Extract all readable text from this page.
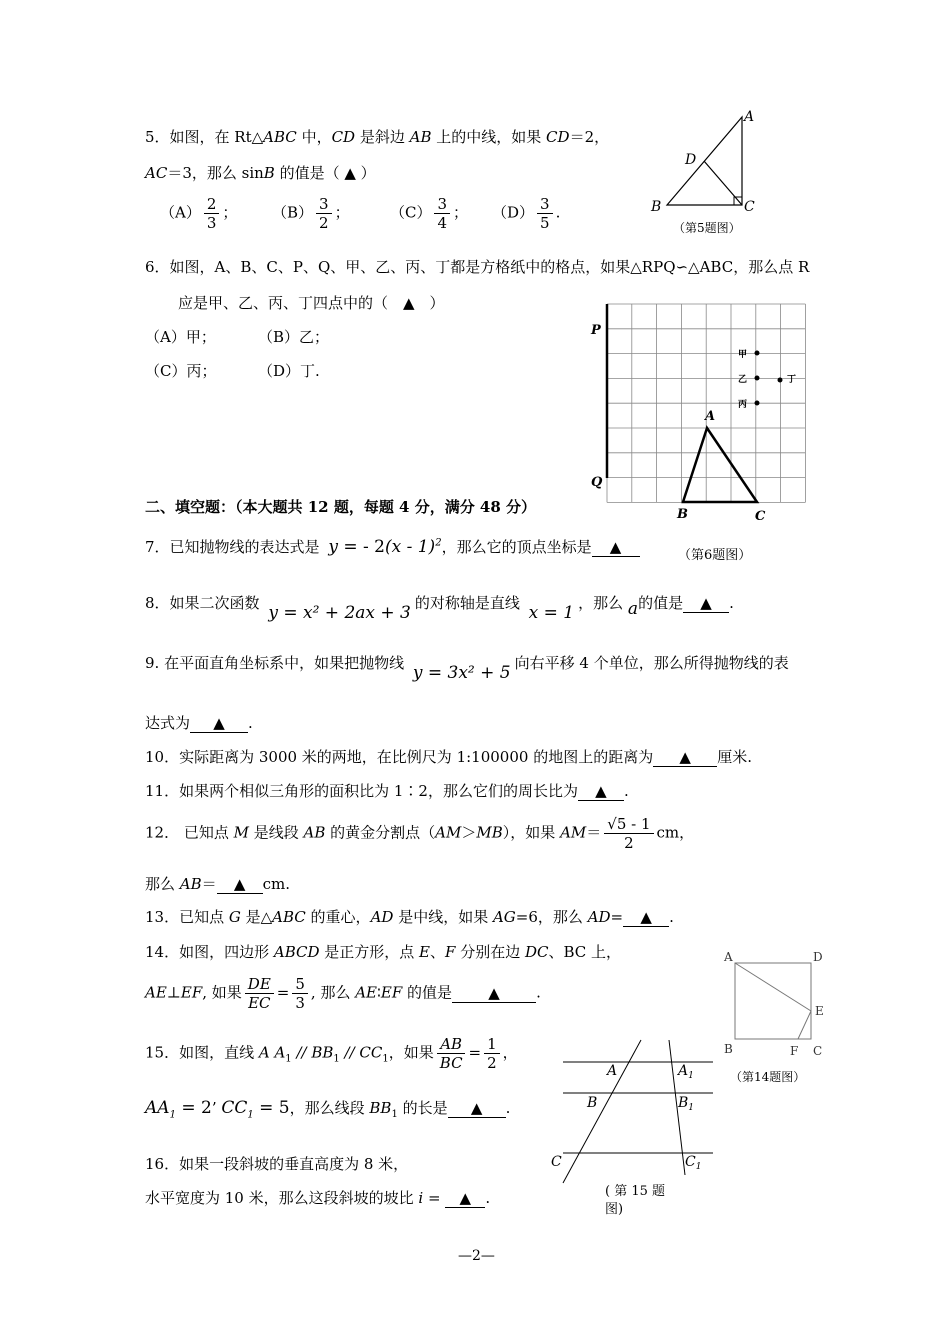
5．如图，在 Rt△ABC 中，CD 是斜边 AB 上的中线，如果 CD＝2，
AC＝3，那么 sinB 的值是（ ▲ ）
$(A) \frac{2}{3}$ ； $(B) \frac{3}{2}$ ；	$(C) \frac{3}{4}$ ； $(D) \frac{3}{5}$ .
A
D
B	C
（第5题图）
6．如图，A、B、C、P、Q、甲、乙、丙、丁都是方格纸中的格点，如果△RPQ∽△ABC，那么点 R
应是甲、乙、丙、丁四点中的（　▲　）
（A）甲；	（B）乙；
（C）丙；	（D）丁.
P
Q
A
B	C
甲
乙
丙
丁
二、填空题：（本大题共 12 题，每题 4 分，满分 48 分）
7．已知抛物线的表达式是 y = - 2(x - 1)$^2$，那么它的顶点坐标是 ▲	（第6题图）
8．如果二次函数 y = x² + 2ax + 3 的对称轴是直线 x = 1 ，那么 a的值是 ▲ .
9. 在平面直角坐标系中，如果把抛物线 y = 3x² + 5 向右平移 4 个单位，那么所得抛物线的表
达式为 ▲ .
10．实际距离为 3000 米的两地，在比例尺为 1:100000 的地图上的距离为 ▲ 厘米.
11．如果两个相似三角形的面积比为 1∶2，那么它们的周长比为 ▲ .
12． 已知点 M 是线段 AB 的黄金分割点（AM＞MB），如果 $AM= \frac{√5 - 1}{2}$ cm，
那么 AB＝ ▲ cm.
13．已知点 G 是△ABC 的重心，AD 是中线，如果 AG=6，那么 AD= ▲ .
14．如图，四边形 ABCD 是正方形，点 E、F 分别在边 DC、BC 上，
AE⊥EF, 如果 $\frac{DE}{EC} = \frac{5}{3}$ , 那么 AE∶EF 的值是 ▲ .
A	D
E
B	F C
（第14题图）
15．如图，直线 A $A_1 // BB_1 // CC_1$，如果 $\frac{AB}{BC} = \frac{1}{2}$ ，
$AA_1 = 2$’ $CC_1 = 5$，那么线段 $BB_1$ 的长是 ▲ .
A	$A_1$
B	$B_1$
C	$C_1$
( 第 15 题
图)
16．如果一段斜坡的垂直高度为 8 米，
水平宽度为 10 米，那么这段斜坡的坡比 i = ▲ .
—2—
